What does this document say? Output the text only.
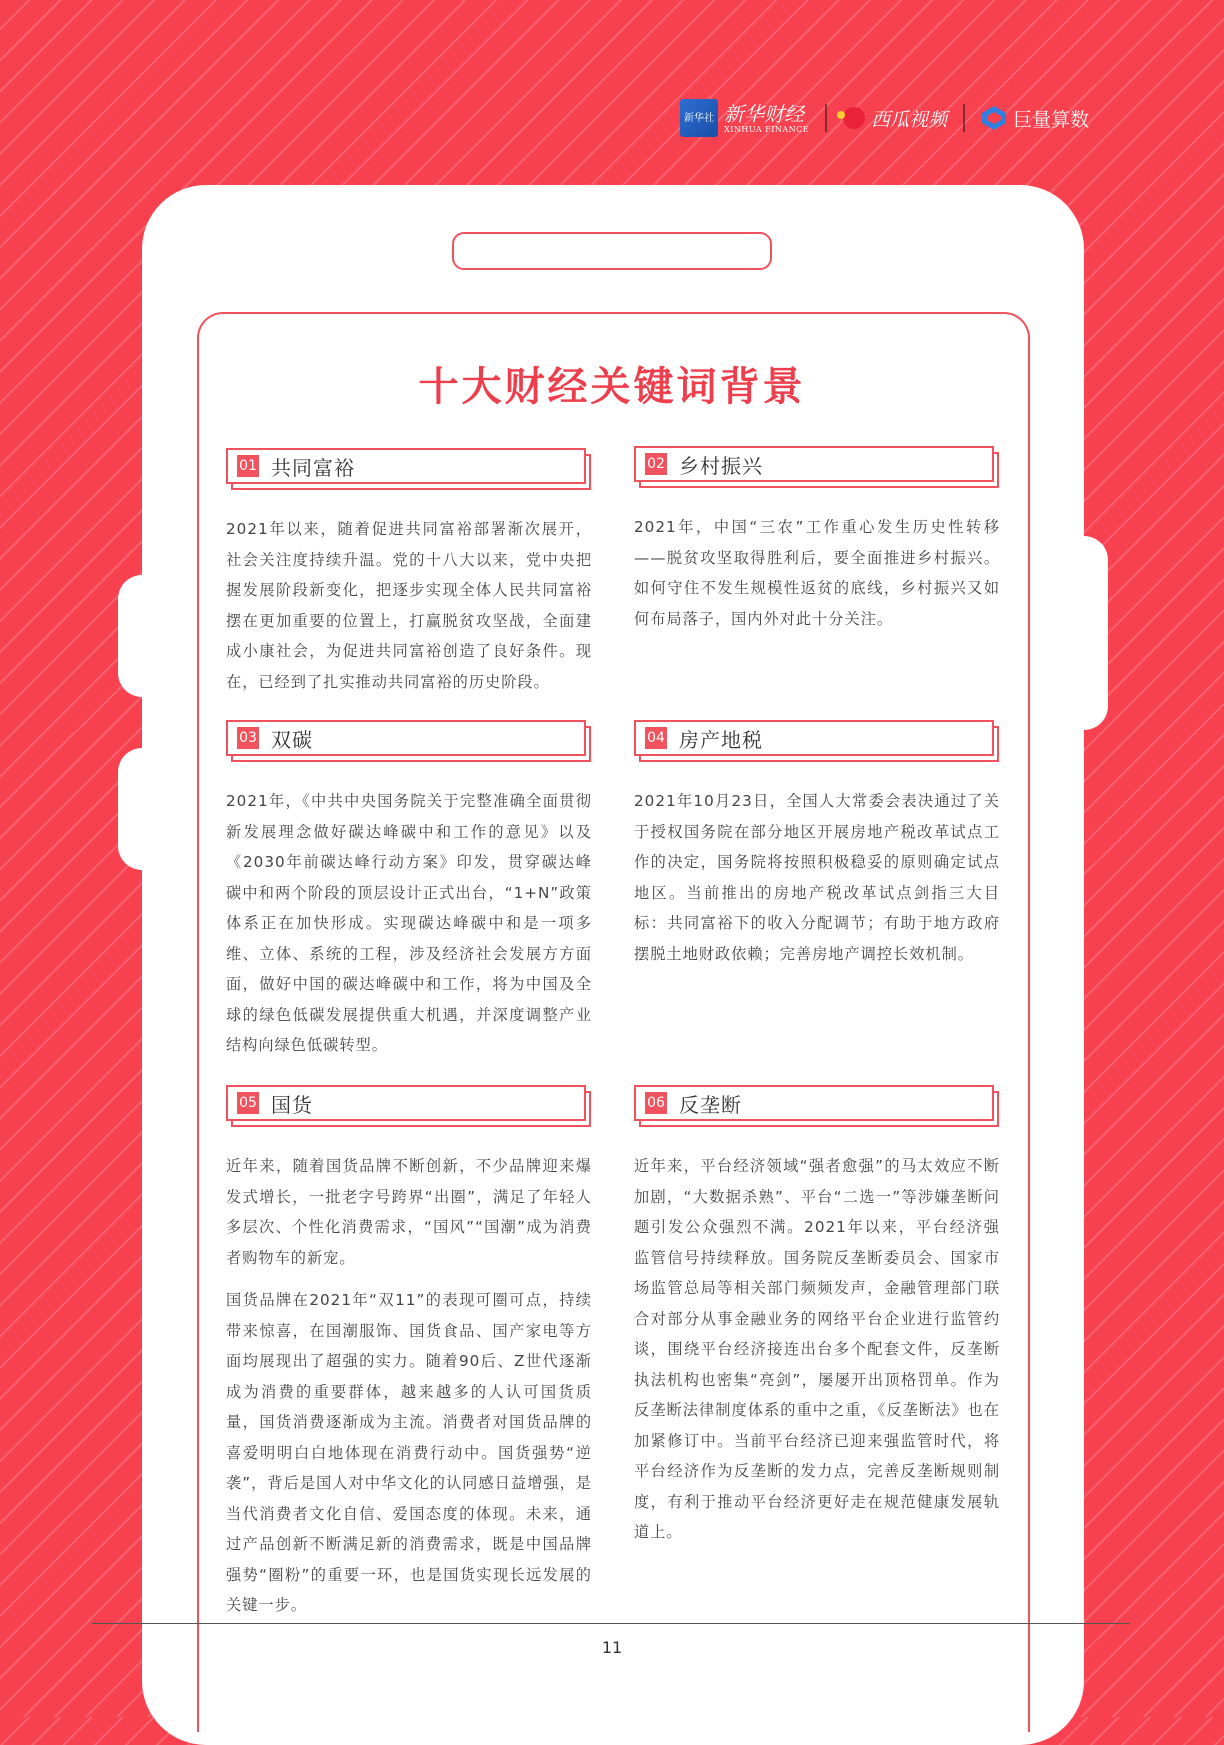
新华社 新华财经
XINHUA FINANCE	西瓜视频	巨量算数
十大财经关键词背景
01 共同富裕

2021年以来，随着促进共同富裕部署渐次展开，社会关注度持续升温。党的十八大以来，党中央把握发展阶段新变化，把逐步实现全体人民共同富裕摆在更加重要的位置上，打赢脱贫攻坚战，全面建成小康社会，为促进共同富裕创造了良好条件。现在，已经到了扎实推动共同富裕的历史阶段。

02 乡村振兴

2021年，中国“三农”工作重心发生历史性转移——脱贫攻坚取得胜利后，要全面推进乡村振兴。如何守住不发生规模性返贫的底线，乡村振兴又如何布局落子，国内外对此十分关注。

03 双碳

2021年，《中共中央国务院关于完整准确全面贯彻新发展理念做好碳达峰碳中和工作的意见》以及《2030年前碳达峰行动方案》印发，贯穿碳达峰碳中和两个阶段的顶层设计正式出台，“1+N”政策体系正在加快形成。实现碳达峰碳中和是一项多维、立体、系统的工程，涉及经济社会发展方方面面，做好中国的碳达峰碳中和工作，将为中国及全球的绿色低碳发展提供重大机遇，并深度调整产业结构向绿色低碳转型。

04 房产地税

2021年10月23日，全国人大常委会表决通过了关于授权国务院在部分地区开展房地产税改革试点工作的决定，国务院将按照积极稳妥的原则确定试点地区。当前推出的房地产税改革试点剑指三大目标：共同富裕下的收入分配调节；有助于地方政府摆脱土地财政依赖；完善房地产调控长效机制。

05 国货

近年来，随着国货品牌不断创新，不少品牌迎来爆发式增长，一批老字号跨界“出圈”，满足了年轻人多层次、个性化消费需求，“国风”“国潮”成为消费者购物车的新宠。

国货品牌在2021年“双11”的表现可圈可点，持续带来惊喜，在国潮服饰、国货食品、国产家电等方面均展现出了超强的实力。随着90后、Z世代逐渐成为消费的重要群体，越来越多的人认可国货质量，国货消费逐渐成为主流。消费者对国货品牌的喜爱明明白白地体现在消费行动中。国货强势“逆袭”，背后是国人对中华文化的认同感日益增强，是当代消费者文化自信、爱国态度的体现。未来，通过产品创新不断满足新的消费需求，既是中国品牌强势“圈粉”的重要一环，也是国货实现长远发展的关键一步。

06 反垄断

近年来，平台经济领域“强者愈强”的马太效应不断加剧，“大数据杀熟”、平台“二选一”等涉嫌垄断问题引发公众强烈不满。2021年以来，平台经济强监管信号持续释放。国务院反垄断委员会、国家市场监管总局等相关部门频频发声，金融管理部门联合对部分从事金融业务的网络平台企业进行监管约谈，围绕平台经济接连出台多个配套文件，反垄断执法机构也密集“亮剑”，屡屡开出顶格罚单。作为反垄断法律制度体系的重中之重，《反垄断法》也在加紧修订中。当前平台经济已迎来强监管时代，将平台经济作为反垄断的发力点，完善反垄断规则制度，有利于推动平台经济更好走在规范健康发展轨道上。

11
